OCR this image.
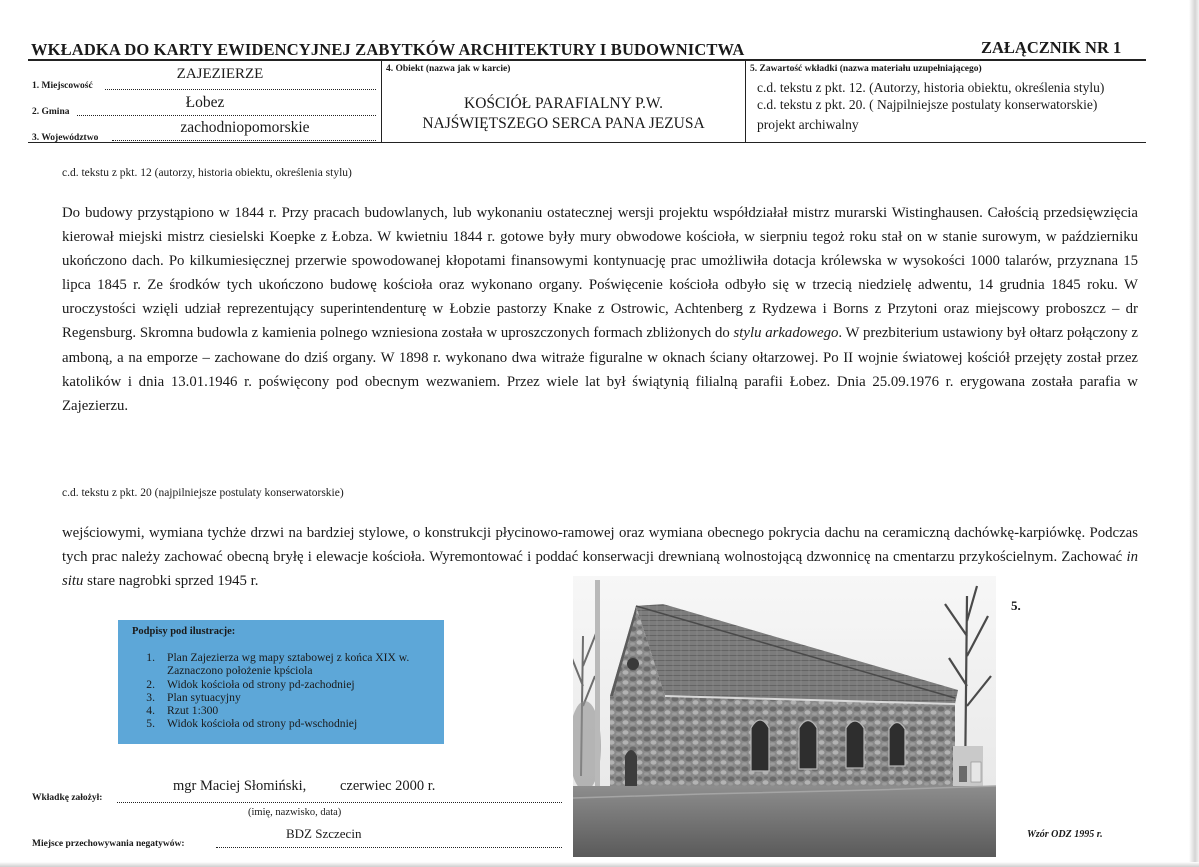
WKŁADKA DO KARTY EWIDENCYJNEJ ZABYTKÓW ARCHITEKTURY I BUDOWNICTWA	ZAŁĄCZNIK NR 1
1. Miejscowość
ZAJEZIERZE
2. Gmina
Łobez
3. Województwo
zachodniopomorskie
4. Obiekt (nazwa jak w karcie)
KOŚCIÓŁ PARAFIALNY P.W.
NAJŚWIĘTSZEGO SERCA PANA JEZUSA
5. Zawartość wkładki (nazwa materiału uzupełniającego)
c.d. tekstu z pkt. 12. (Autorzy, historia obiektu, określenia stylu)
c.d. tekstu z pkt. 20. ( Najpilniejsze postulaty konserwatorskie)
projekt archiwalny
c.d. tekstu z pkt. 12 (autorzy, historia obiektu, określenia stylu)

Do budowy przystąpiono w 1844 r. Przy pracach budowlanych, lub wykonaniu ostatecznej wersji projektu współdziałał mistrz murarski Wistinghausen. Całością przedsięwzięcia kierował miejski mistrz ciesielski Koepke z Łobza. W kwietniu 1844 r. gotowe były mury obwodowe kościoła, w sierpniu tegoż roku stał on w stanie surowym, w październiku ukończono dach. Po kilkumiesięcznej przerwie spowodowanej kłopotami finansowymi kontynuację prac umożliwiła dotacja królewska w wysokości 1000 talarów, przyznana 15 lipca 1845 r. Ze środków tych ukończono budowę kościoła oraz wykonano organy. Poświęcenie kościoła odbyło się w trzecią niedzielę adwentu, 14 grudnia 1845 roku. W uroczystości wzięli udział reprezentujący superintendenturę w Łobzie pastorzy Knake z Ostrowic, Achtenberg z Rydzewa i Borns z Przytoni oraz miejscowy proboszcz – dr Regensburg. Skromna budowla z kamienia polnego wzniesiona została w uproszczonych formach zbliżonych do stylu arkadowego. W prezbiterium ustawiony był ołtarz połączony z amboną, a na emporze – zachowane do dziś organy. W 1898 r. wykonano dwa witraże figuralne w oknach ściany ołtarzowej. Po II wojnie światowej kościół przejęty został przez katolików i dnia 13.01.1946 r. poświęcony pod obecnym wezwaniem. Przez wiele lat był świątynią filialną parafii Łobez. Dnia 25.09.1976 r. erygowana została parafia w Zajezierzu.

c.d. tekstu z pkt. 20 (najpilniejsze postulaty konserwatorskie)

wejściowymi, wymiana tychże drzwi na bardziej stylowe, o konstrukcji płycinowo-ramowej oraz wymiana obecnego pokrycia dachu na ceramiczną dachówkę-karpiówkę. Podczas tych prac należy zachować obecną bryłę i elewacje kościoła. Wyremontować i poddać konserwacji drewnianą wolnostojącą dzwonnicę na cmentarzu przykościelnym. Zachować in situ stare nagrobki sprzed 1945 r.

Podpisy pod ilustracje:
1.	Plan Zajezierza wg mapy sztabowej z końca XIX w. Zaznaczono położenie kpściola
2.	Widok kościoła od strony pd-zachodniej
3.	Plan sytuacyjny
4.	Rzut 1:300
5.	Widok kościoła od strony pd-wschodniej
5.
Wkładkę założył:
mgr Maciej Słomiński, czerwiec 2000 r.
(imię, nazwisko, data)
Miejsce przechowywania negatywów:
BDZ Szczecin	Wzór ODZ 1995 r.
